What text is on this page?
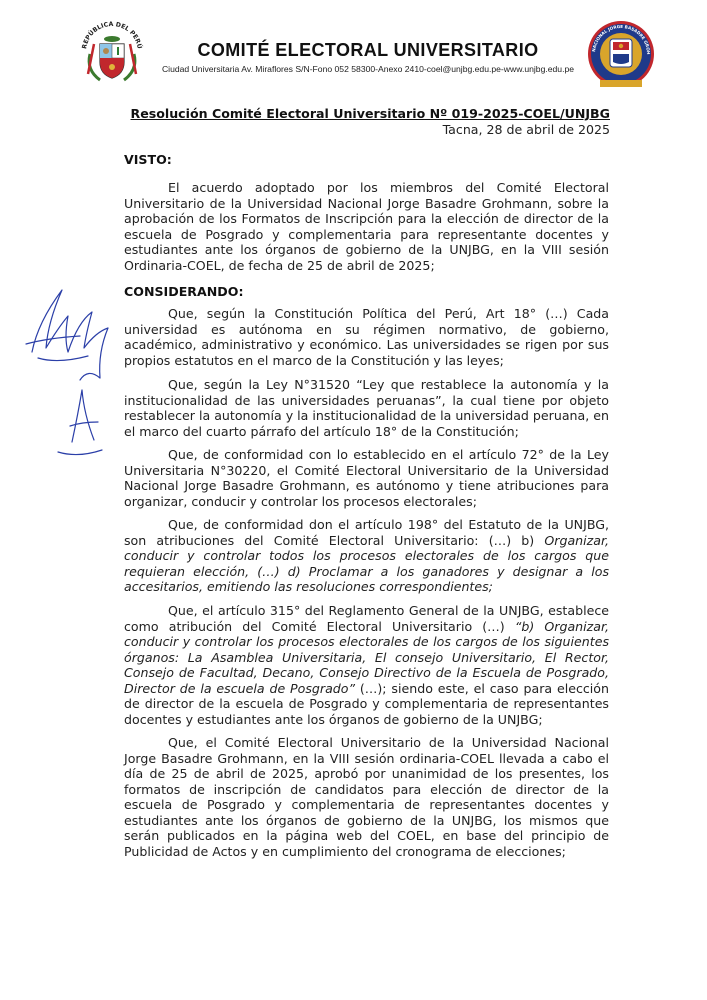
REPÚBLICA DEL PERÚ	COMITÉ ELECTORAL UNIVERSITARIO
Ciudad Universitaria Av. Miraflores S/N-Fono 052 58300-Anexo 2410-coel@unjbg.edu.pe-www.unjbg.edu.pe
NACIONAL JORGE BASADRE GROH
Resolución Comité Electoral Universitario Nº 019-2025-COEL/UNJBG
Tacna, 28 de abril de 2025
VISTO:
El acuerdo adoptado por los miembros del Comité Electoral Universitario de la Universidad Nacional Jorge Basadre Grohmann, sobre la aprobación de los Formatos de Inscripción para la elección de director de la escuela de Posgrado y complementaria para representante docentes y estudiantes ante los órganos de gobierno de la UNJBG, en la VIII sesión Ordinaria-COEL, de fecha de 25 de abril de 2025;
CONSIDERANDO:
Que, según la Constitución Política del Perú, Art 18° (…) Cada universidad es autónoma en su régimen normativo, de gobierno, académico, administrativo y económico. Las universidades se rigen por sus propios estatutos en el marco de la Constitución y las leyes;
Que, según la Ley N°31520 “Ley que restablece la autonomía y la institucionalidad de las universidades peruanas”, la cual tiene por objeto restablecer la autonomía y la institucionalidad de la universidad peruana, en el marco del cuarto párrafo del artículo 18° de la Constitución;
Que, de conformidad con lo establecido en el artículo 72° de la Ley Universitaria N°30220, el Comité Electoral Universitario de la Universidad Nacional Jorge Basadre Grohmann, es autónomo y tiene atribuciones para organizar, conducir y controlar los procesos electorales;
Que, de conformidad don el artículo 198° del Estatuto de la UNJBG, son atribuciones del Comité Electoral Universitario: (…) b) Organizar, conducir y controlar todos los procesos electorales de los cargos que requieran elección, (…) d) Proclamar a los ganadores y designar a los accesitarios, emitiendo las resoluciones correspondientes;
Que, el artículo 315° del Reglamento General de la UNJBG, establece como atribución del Comité Electoral Universitario (…) “b) Organizar, conducir y controlar los procesos electorales de los cargos de los siguientes órganos: La Asamblea Universitaria, El consejo Universitario, El Rector, Consejo de Facultad, Decano, Consejo Directivo de la Escuela de Posgrado, Director de la escuela de Posgrado” (…); siendo este, el caso para elección de director de la escuela de Posgrado y complementaria de representantes docentes y estudiantes ante los órganos de gobierno de la UNJBG;
Que, el Comité Electoral Universitario de la Universidad Nacional Jorge Basadre Grohmann, en la VIII sesión ordinaria-COEL llevada a cabo el día de 25 de abril de 2025, aprobó por unanimidad de los presentes, los formatos de inscripción de candidatos para elección de director de la escuela de Posgrado y complementaria de representantes docentes y estudiantes ante los órganos de gobierno de la UNJBG, los mismos que serán publicados en la página web del COEL, en base del principio de Publicidad de Actos y en cumplimiento del cronograma de elecciones;
